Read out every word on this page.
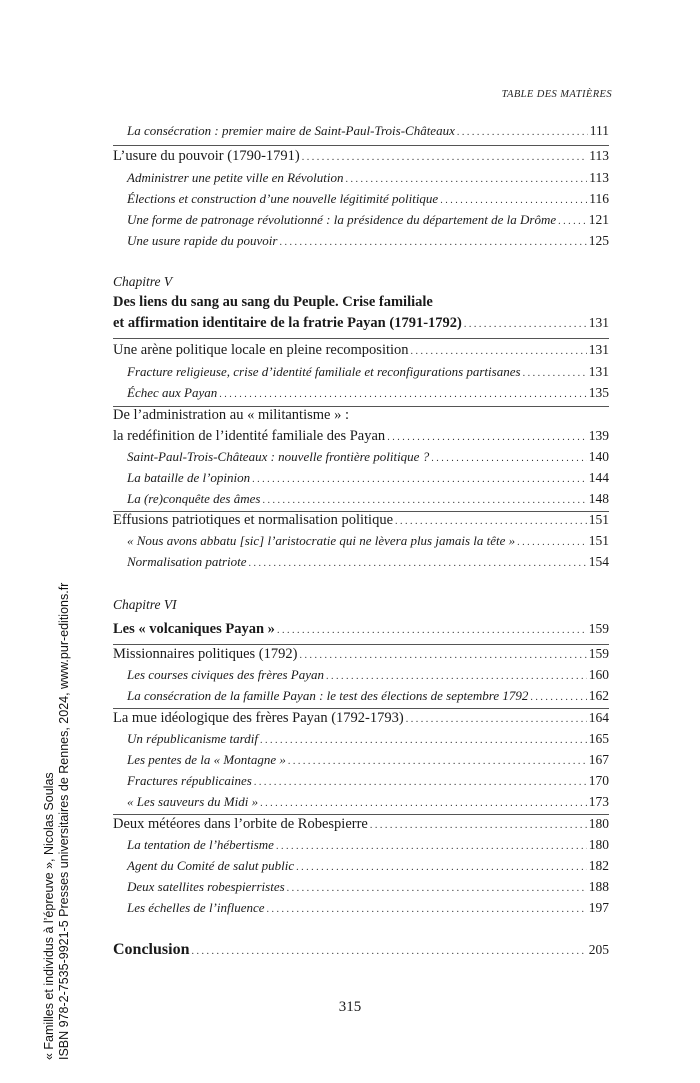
TABLE DES MATIÈRES
La consécration : premier maire de Saint-Paul-Trois-Châteaux . . .	111
L’usure du pouvoir (1790-1791) . . .	113
Administrer une petite ville en Révolution . . .	113
Élections et construction d’une nouvelle légitimité politique . . .	116
Une forme de patronage révolutionné : la présidence du département de la Drôme . . . 121
Une usure rapide du pouvoir . . .	125
Chapitre V
Des liens du sang au sang du Peuple. Crise familiale
et affirmation identitaire de la fratrie Payan (1791-1792) . . .	131
Une arène politique locale en pleine recomposition . . .	131
Fracture religieuse, crise d’identité familiale et reconfigurations partisanes . . .	131
Échec aux Payan . . .	135
De l’administration au « militantisme » :
la redéfinition de l’identité familiale des Payan . . .	139
Saint-Paul-Trois-Châteaux : nouvelle frontière politique ? . . .	140
La bataille de l’opinion . . .	144
La (re)conquête des âmes . . .	148
Effusions patriotiques et normalisation politique . . .	151
« Nous avons abbatu [sic] l’aristocratie qui ne lèvera plus jamais la tête » . . .	151
Normalisation patriote . . .	154
Chapitre VI
Les « volcaniques Payan » . . .	159
Missionnaires politiques (1792) . . .	159
Les courses civiques des frères Payan . . .	160
La consécration de la famille Payan : le test des élections de septembre 1792 . . .	162
La mue idéologique des frères Payan (1792-1793) . . .	164
Un républicanisme tardif . . .	165
Les pentes de la « Montagne » . . .	167
Fractures républicaines . . .	170
« Les sauveurs du Midi » . . .	173
Deux météores dans l’orbite de Robespierre . . .	180
La tentation de l’hébertisme . . .	180
Agent du Comité de salut public . . .	182
Deux satellites robespierristes . . .	188
Les échelles de l’influence . . .	197
Conclusion . . .	205
315
« Familles et individus à l’épreuve », Nicolas Soulas ISBN 978-2-7535-9921-5 Presses universitaires de Rennes, 2024, www.pur-editions.fr
